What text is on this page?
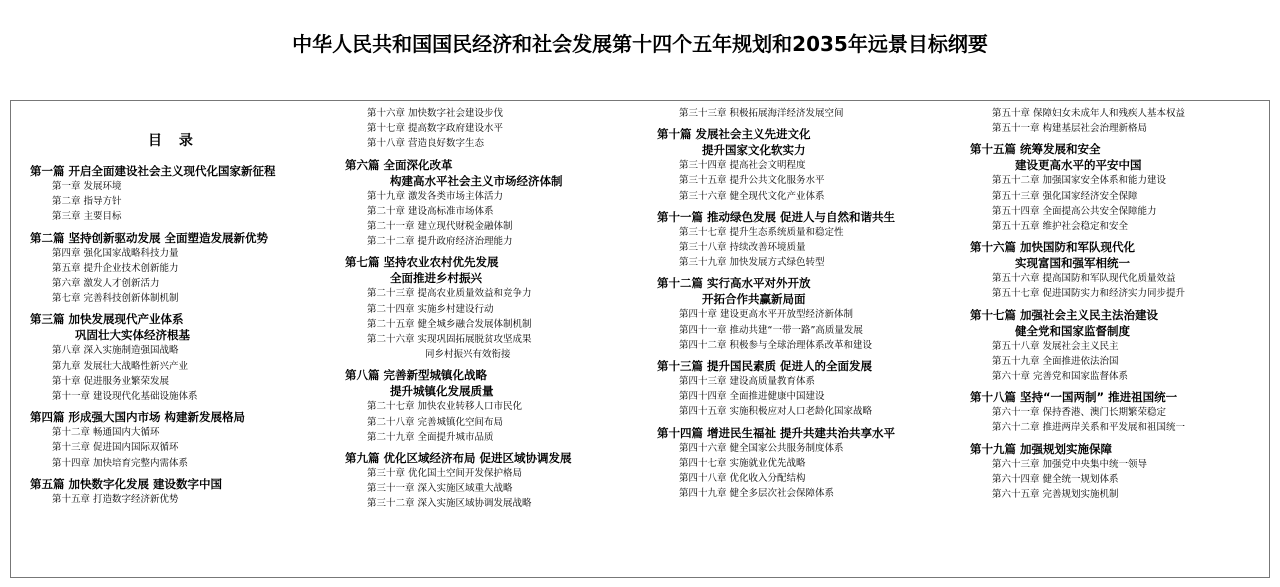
中华人民共和国国民经济和社会发展第十四个五年规划和2035年远景目标纲要
目 录
第一篇 开启全面建设社会主义现代化国家新征程
第一章 发展环境
第二章 指导方针
第三章 主要目标
第二篇 坚持创新驱动发展 全面塑造发展新优势
第四章 强化国家战略科技力量
第五章 提升企业技术创新能力
第六章 激发人才创新活力
第七章 完善科技创新体制机制
第三篇 加快发展现代产业体系
巩固壮大实体经济根基
第八章 深入实施制造强国战略
第九章 发展壮大战略性新兴产业
第十章 促进服务业繁荣发展
第十一章 建设现代化基础设施体系
第四篇 形成强大国内市场 构建新发展格局
第十二章 畅通国内大循环
第十三章 促进国内国际双循环
第十四章 加快培育完整内需体系
第五篇 加快数字化发展 建设数字中国
第十五章 打造数字经济新优势
第十六章 加快数字社会建设步伐
第十七章 提高数字政府建设水平
第十八章 营造良好数字生态
第六篇 全面深化改革
构建高水平社会主义市场经济体制
第十九章 激发各类市场主体活力
第二十章 建设高标准市场体系
第二十一章 建立现代财税金融体制
第二十二章 提升政府经济治理能力
第七篇 坚持农业农村优先发展
全面推进乡村振兴
第二十三章 提高农业质量效益和竞争力
第二十四章 实施乡村建设行动
第二十五章 健全城乡融合发展体制机制
第二十六章 实现巩固拓展脱贫攻坚成果
同乡村振兴有效衔接
第八篇 完善新型城镇化战略
提升城镇化发展质量
第二十七章 加快农业转移人口市民化
第二十八章 完善城镇化空间布局
第二十九章 全面提升城市品质
第九篇 优化区域经济布局 促进区域协调发展
第三十章 优化国土空间开发保护格局
第三十一章 深入实施区域重大战略
第三十二章 深入实施区域协调发展战略
第三十三章 积极拓展海洋经济发展空间
第十篇 发展社会主义先进文化
提升国家文化软实力
第三十四章 提高社会文明程度
第三十五章 提升公共文化服务水平
第三十六章 健全现代文化产业体系
第十一篇 推动绿色发展 促进人与自然和谐共生
第三十七章 提升生态系统质量和稳定性
第三十八章 持续改善环境质量
第三十九章 加快发展方式绿色转型
第十二篇 实行高水平对外开放
开拓合作共赢新局面
第四十章 建设更高水平开放型经济新体制
第四十一章 推动共建“一带一路”高质量发展
第四十二章 积极参与全球治理体系改革和建设
第十三篇 提升国民素质 促进人的全面发展
第四十三章 建设高质量教育体系
第四十四章 全面推进健康中国建设
第四十五章 实施积极应对人口老龄化国家战略
第十四篇 增进民生福祉 提升共建共治共享水平
第四十六章 健全国家公共服务制度体系
第四十七章 实施就业优先战略
第四十八章 优化收入分配结构
第四十九章 健全多层次社会保障体系
第五十章 保障妇女未成年人和残疾人基本权益
第五十一章 构建基层社会治理新格局
第十五篇 统筹发展和安全
建设更高水平的平安中国
第五十二章 加强国家安全体系和能力建设
第五十三章 强化国家经济安全保障
第五十四章 全面提高公共安全保障能力
第五十五章 维护社会稳定和安全
第十六篇 加快国防和军队现代化
实现富国和强军相统一
第五十六章 提高国防和军队现代化质量效益
第五十七章 促进国防实力和经济实力同步提升
第十七篇 加强社会主义民主法治建设
健全党和国家监督制度
第五十八章 发展社会主义民主
第五十九章 全面推进依法治国
第六十章 完善党和国家监督体系
第十八篇 坚持“一国两制” 推进祖国统一
第六十一章 保持香港、澳门长期繁荣稳定
第六十二章 推进两岸关系和平发展和祖国统一
第十九篇 加强规划实施保障
第六十三章 加强党中央集中统一领导
第六十四章 健全统一规划体系
第六十五章 完善规划实施机制
